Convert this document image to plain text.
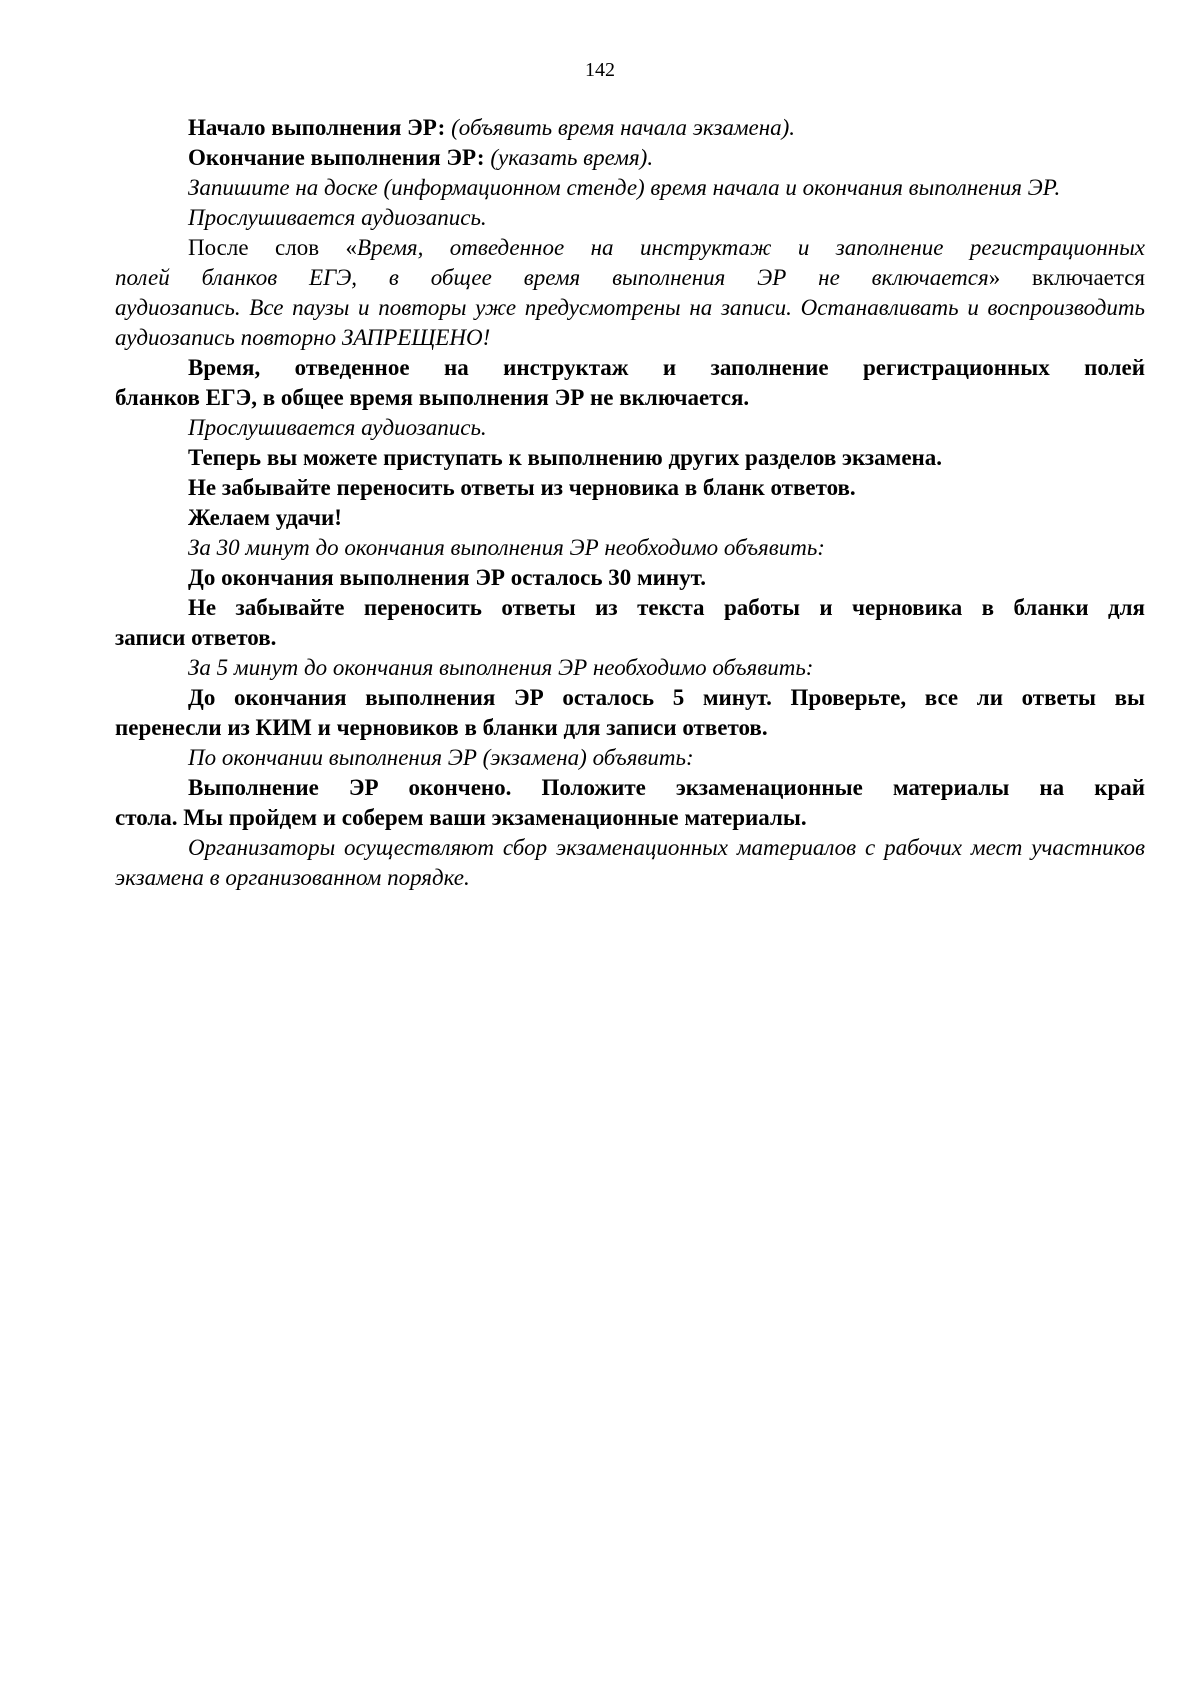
142

Начало выполнения ЭР: (объявить время начала экзамена).

Окончание выполнения ЭР: (указать время).

Запишите на доске (информационном стенде) время начала и окончания выполнения ЭР.

Прослушивается аудиозапись.

После слов «Время, отведенное на инструктаж и заполнение регистрационных
полей бланков ЕГЭ, в общее время выполнения ЭР не включается» включается
аудиозапись. Все паузы и повторы уже предусмотрены на записи. Останавливать и воспроизводить аудиозапись повторно ЗАПРЕЩЕНО!

Время, отведенное на инструктаж и заполнение регистрационных полей
бланков ЕГЭ, в общее время выполнения ЭР не включается.

Прослушивается аудиозапись.

Теперь вы можете приступать к выполнению других разделов экзамена.

Не забывайте переносить ответы из черновика в бланк ответов.

Желаем удачи!

За 30 минут до окончания выполнения ЭР необходимо объявить:

До окончания выполнения ЭР осталось 30 минут.

Не забывайте переносить ответы из текста работы и черновика в бланки для
записи ответов.

За 5 минут до окончания выполнения ЭР необходимо объявить:

До окончания выполнения ЭР осталось 5 минут. Проверьте, все ли ответы вы
перенесли из КИМ и черновиков в бланки для записи ответов.

По окончании выполнения ЭР (экзамена) объявить:

Выполнение ЭР окончено. Положите экзаменационные материалы на край
стола. Мы пройдем и соберем ваши экзаменационные материалы.

Организаторы осуществляют сбор экзаменационных материалов с рабочих мест участников экзамена в организованном порядке.
